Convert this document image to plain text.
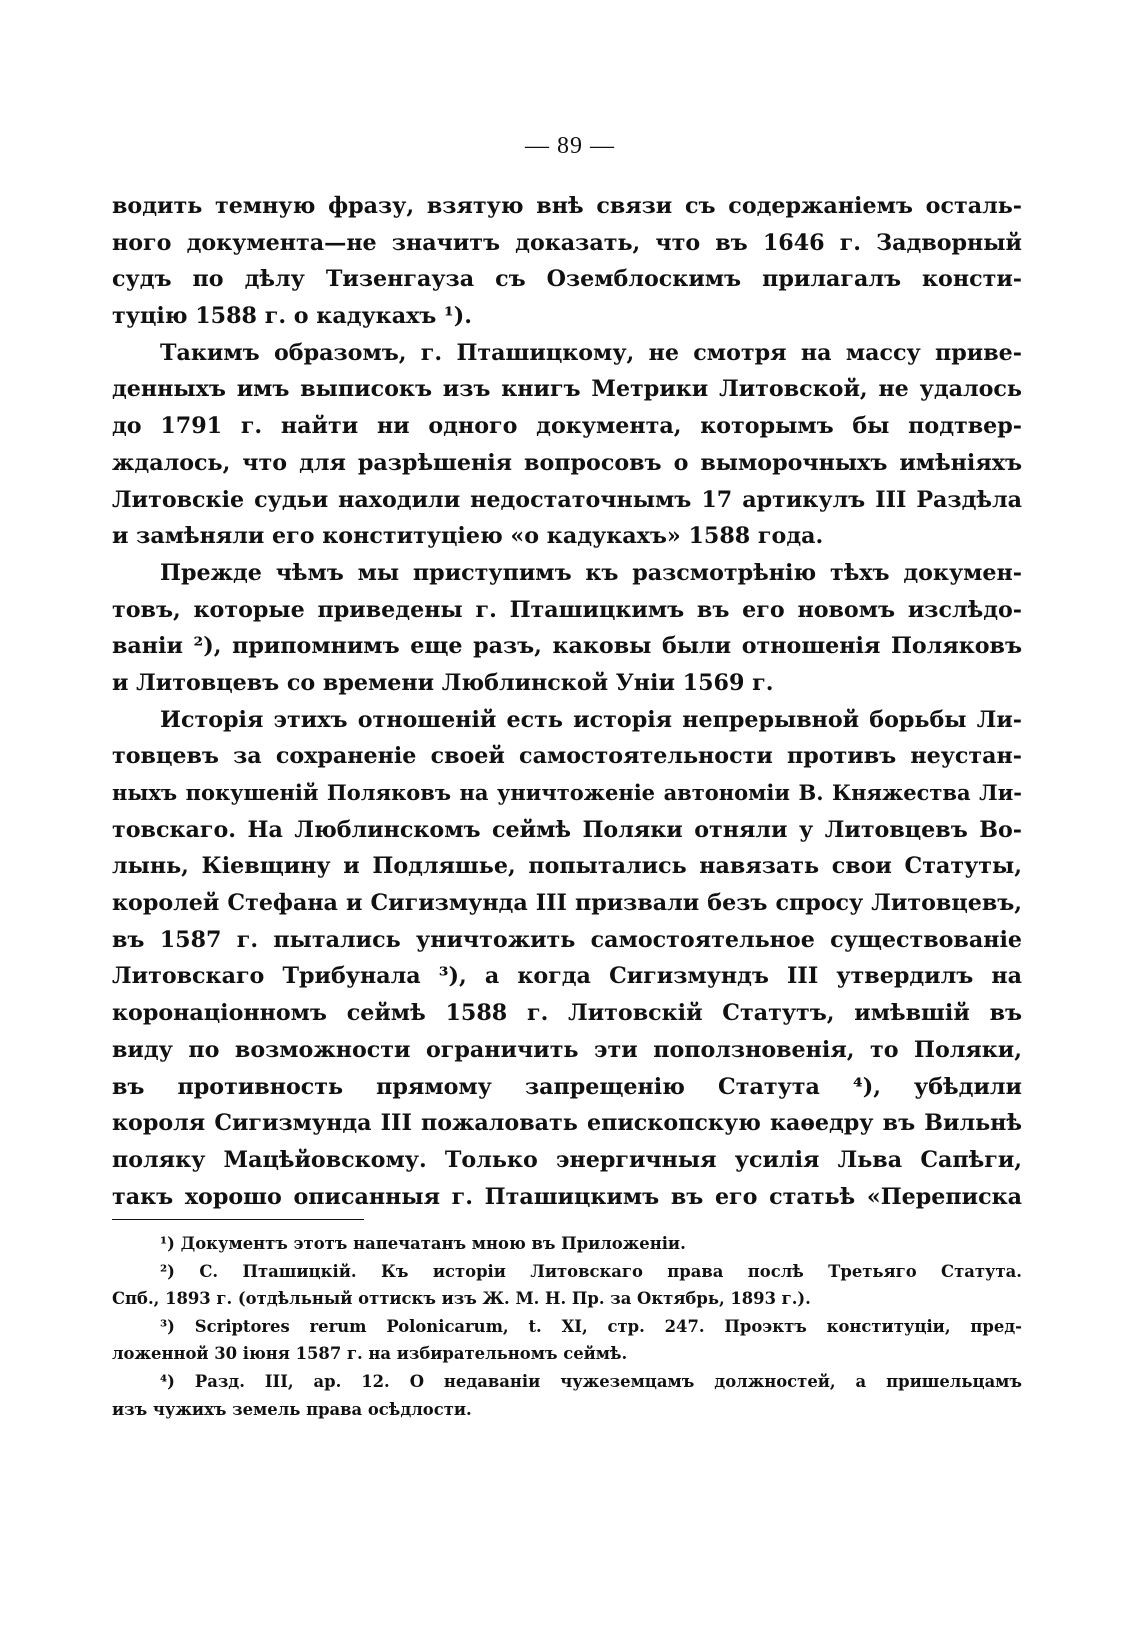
— 89 —
водить темную фразу, взятую внѣ связи съ содержаніемъ осталь-
ного документа—не значитъ доказать, что въ 1646 г. Задворный
судъ по дѣлу Тизенгауза съ Оземблоскимъ прилагалъ консти-
туцію 1588 г. о кадукахъ ¹).
Такимъ образомъ, г. Пташицкому, не смотря на массу приве-
денныхъ имъ выписокъ изъ книгъ Метрики Литовской, не удалось
до 1791 г. найти ни одного документа, которымъ бы подтвер-
ждалось, что для разрѣшенія вопросовъ о выморочныхъ имѣніяхъ
Литовскіе судьи находили недостаточнымъ 17 артикулъ III Раздѣла
и замѣняли его конституціею «о кадукахъ» 1588 года.
Прежде чѣмъ мы приступимъ къ разсмотрѣнію тѣхъ докумен-
товъ, которые приведены г. Пташицкимъ въ его новомъ изслѣдо-
ваніи ²), припомнимъ еще разъ, каковы были отношенія Поляковъ
и Литовцевъ со времени Люблинской Уніи 1569 г.
Исторія этихъ отношеній есть исторія непрерывной борьбы Ли-
товцевъ за сохраненіе своей самостоятельности противъ неустан-
ныхъ покушеній Поляковъ на уничтоженіе автономіи В. Княжества Ли-
товскаго. На Люблинскомъ сеймѣ Поляки отняли у Литовцевъ Во-
лынь, Кіевщину и Подляшье, попытались навязать свои Статуты,
королей Стефана и Сигизмунда III призвали безъ спросу Литовцевъ,
въ 1587 г. пытались уничтожить самостоятельное существованіе
Литовскаго Трибунала ³), а когда Сигизмундъ III утвердилъ на
коронаціонномъ сеймѣ 1588 г. Литовскій Статутъ, имѣвшій въ
виду по возможности ограничить эти поползновенія, то Поляки,
въ противность прямому запрещенію Статута ⁴), убѣдили
короля Сигизмунда III пожаловать епископскую каѳедру въ Вильнѣ
поляку Мацѣйовскому. Только энергичныя усилія Льва Сапѣги,
такъ хорошо описанныя г. Пташицкимъ въ его статьѣ «Переписка
¹) Документъ этотъ напечатанъ мною въ Приложеніи.
²) С. Пташицкій. Къ исторіи Литовскаго права послѣ Третьяго Статута.
Спб., 1893 г. (отдѣльный оттискъ изъ Ж. М. Н. Пр. за Октябрь, 1893 г.).
³) Scriptores rerum Polonicarum, t. XI, стр. 247. Проэктъ конституціи, пред-
ложенной 30 іюня 1587 г. на избирательномъ сеймѣ.
⁴) Разд. III, ар. 12. О недаваніи чужеземцамъ должностей, а пришельцамъ
изъ чужихъ земель права осѣдлости.
